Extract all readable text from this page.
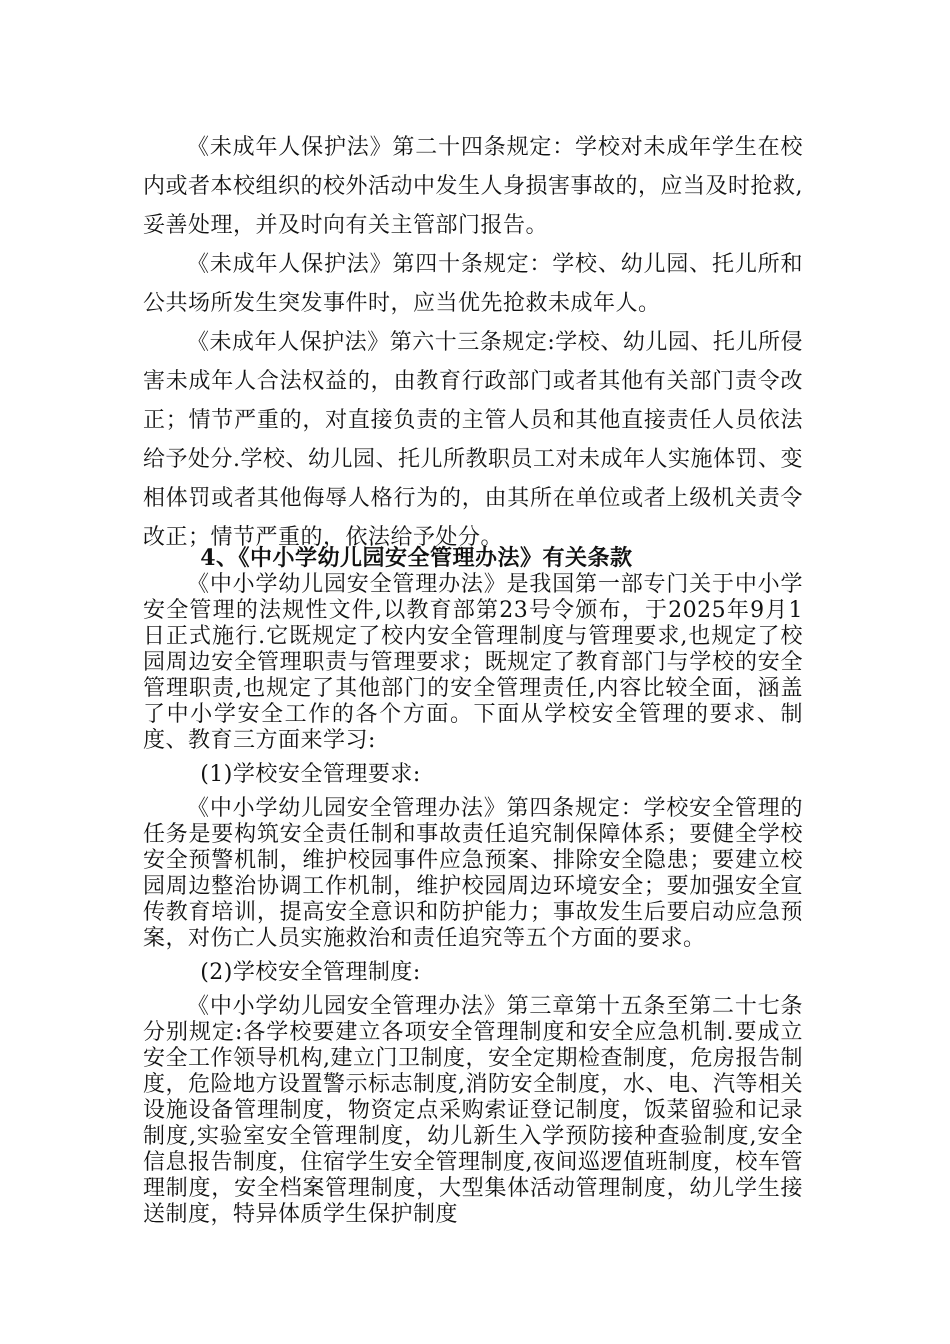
《未成年人保护法》第二十四条规定：学校对未成年学生在校内或者本校组织的校外活动中发生人身损害事故的，应当及时抢救,妥善处理，并及时向有关主管部门报告。

《未成年人保护法》第四十条规定：学校、幼儿园、托儿所和公共场所发生突发事件时，应当优先抢救未成年人。

《未成年人保护法》第六十三条规定:学校、幼儿园、托儿所侵害未成年人合法权益的，由教育行政部门或者其他有关部门责令改正；情节严重的，对直接负责的主管人员和其他直接责任人员依法给予处分.学校、幼儿园、托儿所教职员工对未成年人实施体罚、变相体罚或者其他侮辱人格行为的，由其所在单位或者上级机关责令改正；情节严重的，依法给予处分。

4、《中小学幼儿园安全管理办法》有关条款

《中小学幼儿园安全管理办法》是我国第一部专门关于中小学安全管理的法规性文件,以教育部第23号令颁布，于2025年9月1日正式施行.它既规定了校内安全管理制度与管理要求,也规定了校园周边安全管理职责与管理要求；既规定了教育部门与学校的安全管理职责,也规定了其他部门的安全管理责任,内容比较全面，涵盖了中小学安全工作的各个方面。下面从学校安全管理的要求、制度、教育三方面来学习:

(1)学校安全管理要求:

《中小学幼儿园安全管理办法》第四条规定：学校安全管理的任务是要构筑安全责任制和事故责任追究制保障体系；要健全学校安全预警机制，维护校园事件应急预案、排除安全隐患；要建立校园周边整治协调工作机制，维护校园周边环境安全；要加强安全宣传教育培训，提高安全意识和防护能力；事故发生后要启动应急预案，对伤亡人员实施救治和责任追究等五个方面的要求。

(2)学校安全管理制度:

《中小学幼儿园安全管理办法》第三章第十五条至第二十七条分别规定:各学校要建立各项安全管理制度和安全应急机制.要成立安全工作领导机构,建立门卫制度，安全定期检查制度，危房报告制度，危险地方设置警示标志制度,消防安全制度，水、电、汽等相关设施设备管理制度，物资定点采购索证登记制度，饭菜留验和记录制度,实验室安全管理制度，幼儿新生入学预防接种查验制度,安全信息报告制度，住宿学生安全管理制度,夜间巡逻值班制度，校车管理制度，安全档案管理制度，大型集体活动管理制度，幼儿学生接送制度，特异体质学生保护制度
